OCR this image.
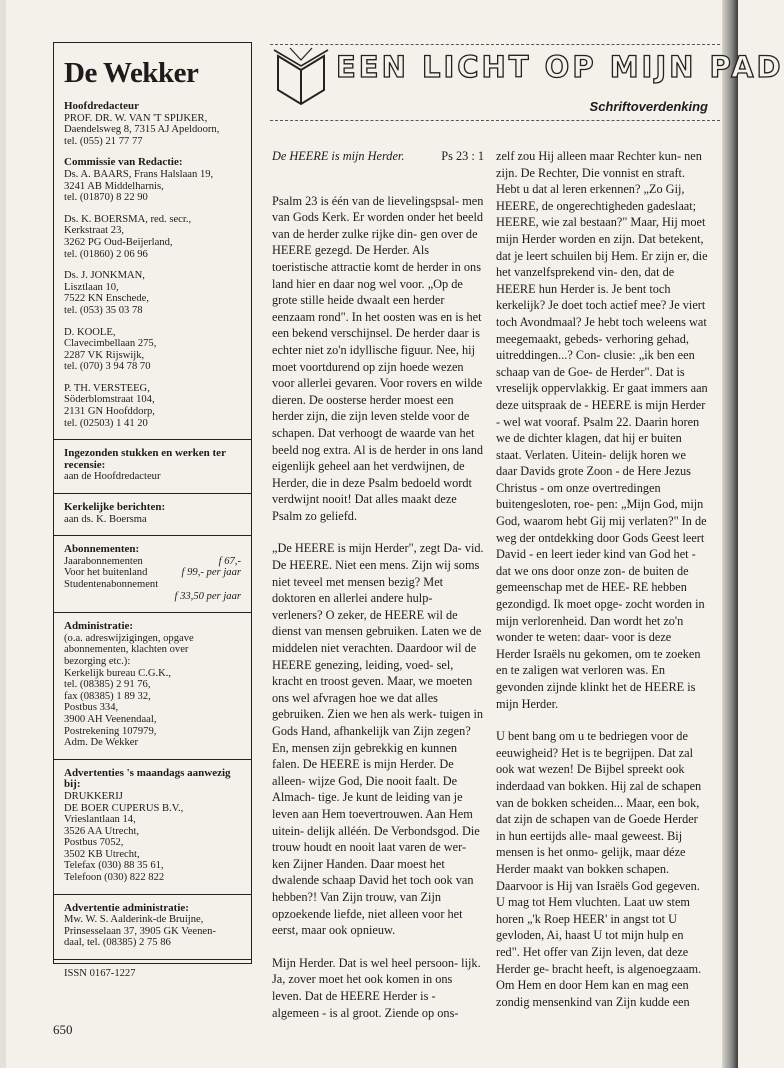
De Wekker
Hoofdredacteur
PROF. DR. W. VAN 'T SPIJKER,
Daendelsweg 8, 7315 AJ Apeldoorn,
tel. (055) 21 77 77
Commissie van Redactie:
Ds. A. BAARS, Frans Halslaan 19,
3241 AB Middelharnis,
tel. (01870) 8 22 90
Ds. K. BOERSMA, red. secr.,
Kerkstraat 23,
3262 PG Oud-Beijerland,
tel. (01860) 2 06 96
Ds. J. JONKMAN,
Lisztlaan 10,
7522 KN Enschede,
tel. (053) 35 03 78
D. KOOLE,
Clavecimbellaan 275,
2287 VK Rijswijk,
tel. (070) 3 94 78 70
P. TH. VERSTEEG,
Söderblomstraat 104,
2131 GN Hoofddorp,
tel. (02503) 1 41 20
Ingezonden stukken en werken ter recensie:
aan de Hoofdredacteur
Kerkelijke berichten:
aan ds. K. Boersma
Abonnementen:
Jaarabonnementen	f 67,-
Voor het buitenland	f 99,- per jaar
Studentenabonnement
f 33,50 per jaar
Administratie:
(o.a. adreswijzigingen, opgave
abonnementen, klachten over
bezorging etc.):
Kerkelijk bureau C.G.K.,
tel. (08385) 2 91 76,
fax (08385) 1 89 32,
Postbus 334,
3900 AH Veenendaal,
Postrekening 107979,
Adm. De Wekker
Advertenties 's maandags aanwezig bij:
DRUKKERIJ
DE BOER CUPERUS B.V.,
Vrieslantlaan 14,
3526 AA Utrecht,
Postbus 7052,
3502 KB Utrecht,
Telefax (030) 88 35 61,
Telefoon (030) 822 822
Advertentie administratie:
Mw. W. S. Aalderink-de Bruijne,
Prinsesselaan 37, 3905 GK Veenen-
daal, tel. (08385) 2 75 86
ISSN 0167-1227
EEN LICHT OP MIJN PAD
Schriftoverdenking
De HEERE is mijn Herder.	Ps 23 : 1

Psalm 23 is één van de lievelingspsal- men van Gods Kerk. Er worden onder het beeld van de herder zulke rijke din- gen over de HEERE gezegd. De Herder. Als toeristische attractie komt de herder in ons land hier en daar nog wel voor. „Op de grote stille heide dwaalt een herder eenzaam rond". In het oosten was en is het een bekend verschijnsel. De herder daar is echter niet zo'n idyllische figuur. Nee, hij moet voortdurend op zijn hoede wezen voor allerlei gevaren. Voor rovers en wilde dieren. De oosterse herder moest een herder zijn, die zijn leven stelde voor de schapen. Dat verhoogt de waarde van het beeld nog extra. Al is de herder in ons land eigenlijk geheel aan het verdwijnen, de Herder, die in deze Psalm bedoeld wordt verdwijnt nooit! Dat alles maakt deze Psalm zo geliefd.

„De HEERE is mijn Herder", zegt Da- vid. De HEERE. Niet een mens. Zijn wij soms niet teveel met mensen bezig? Met doktoren en allerlei andere hulp- verleners? O zeker, de HEERE wil de dienst van mensen gebruiken. Laten we de middelen niet verachten. Daardoor wil de HEERE genezing, leiding, voed- sel, kracht en troost geven. Maar, we moeten ons wel afvragen hoe we dat alles gebruiken. Zien we hen als werk- tuigen in Gods Hand, afhankelijk van Zijn zegen? En, mensen zijn gebrekkig en kunnen falen. De HEERE is mijn Herder. De alleen- wijze God, Die nooit faalt. De Almach- tige. Je kunt de leiding van je leven aan Hem toevertrouwen. Aan Hem uitein- delijk alléén. De Verbondsgod. Die trouw houdt en nooit laat varen de wer- ken Zijner Handen. Daar moest het dwalende schaap David het toch ook van hebben?! Van Zijn trouw, van Zijn opzoekende liefde, niet alleen voor het eerst, maar ook opnieuw.

Mijn Herder. Dat is wel heel persoon- lijk. Ja, zover moet het ook komen in ons leven. Dat de HEERE Herder is - algemeen - is al groot. Ziende op ons-

zelf zou Hij alleen maar Rechter kun- nen zijn. De Rechter, Die vonnist en straft. Hebt u dat al leren erkennen? „Zo Gij, HEERE, de ongerechtigheden gadeslaat; HEERE, wie zal bestaan?" Maar, Hij moet mijn Herder worden en zijn. Dat betekent, dat je leert schuilen bij Hem. Er zijn er, die het vanzelfsprekend vin- den, dat de HEERE hun Herder is. Je bent toch kerkelijk? Je doet toch actief mee? Je viert toch Avondmaal? Je hebt toch weleens wat meegemaakt, gebeds- verhoring gehad, uitreddingen...? Con- clusie: „ik ben een schaap van de Goe- de Herder". Dat is vreselijk oppervlakkig. Er gaat immers aan deze uitspraak de - HEERE is mijn Herder - wel wat vooraf. Psalm 22. Daarin horen we de dichter klagen, dat hij er buiten staat. Verlaten. Uitein- delijk horen we daar Davids grote Zoon - de Here Jezus Christus - om onze overtredingen buitengesloten, roe- pen: „Mijn God, mijn God, waarom hebt Gij mij verlaten?" In de weg der ontdekking door Gods Geest leert David - en leert ieder kind van God het - dat we ons door onze zon- de buiten de gemeenschap met de HEE- RE hebben gezondigd. Ik moet opge- zocht worden in mijn verlorenheid. Dan wordt het zo'n wonder te weten: daar- voor is deze Herder Israëls nu gekomen, om te zoeken en te zaligen wat verloren was. En gevonden zijnde klinkt het de HEERE is mijn Herder.

U bent bang om u te bedriegen voor de eeuwigheid? Het is te begrijpen. Dat zal ook wat wezen! De Bijbel spreekt ook inderdaad van bokken. Hij zal de schapen van de bokken scheiden... Maar, een bok, dat zijn de schapen van de Goede Herder in hun eertijds alle- maal geweest. Bij mensen is het onmo- gelijk, maar déze Herder maakt van bokken schapen. Daarvoor is Hij van Israëls God gegeven. U mag tot Hem vluchten. Laat uw stem horen „'k Roep HEER' in angst tot U gevloden, Ai, haast U tot mijn hulp en red". Het offer van Zijn leven, dat deze Herder ge- bracht heeft, is algenoegzaam. Om Hem en door Hem kan en mag een zondig mensenkind van Zijn kudde een

650
